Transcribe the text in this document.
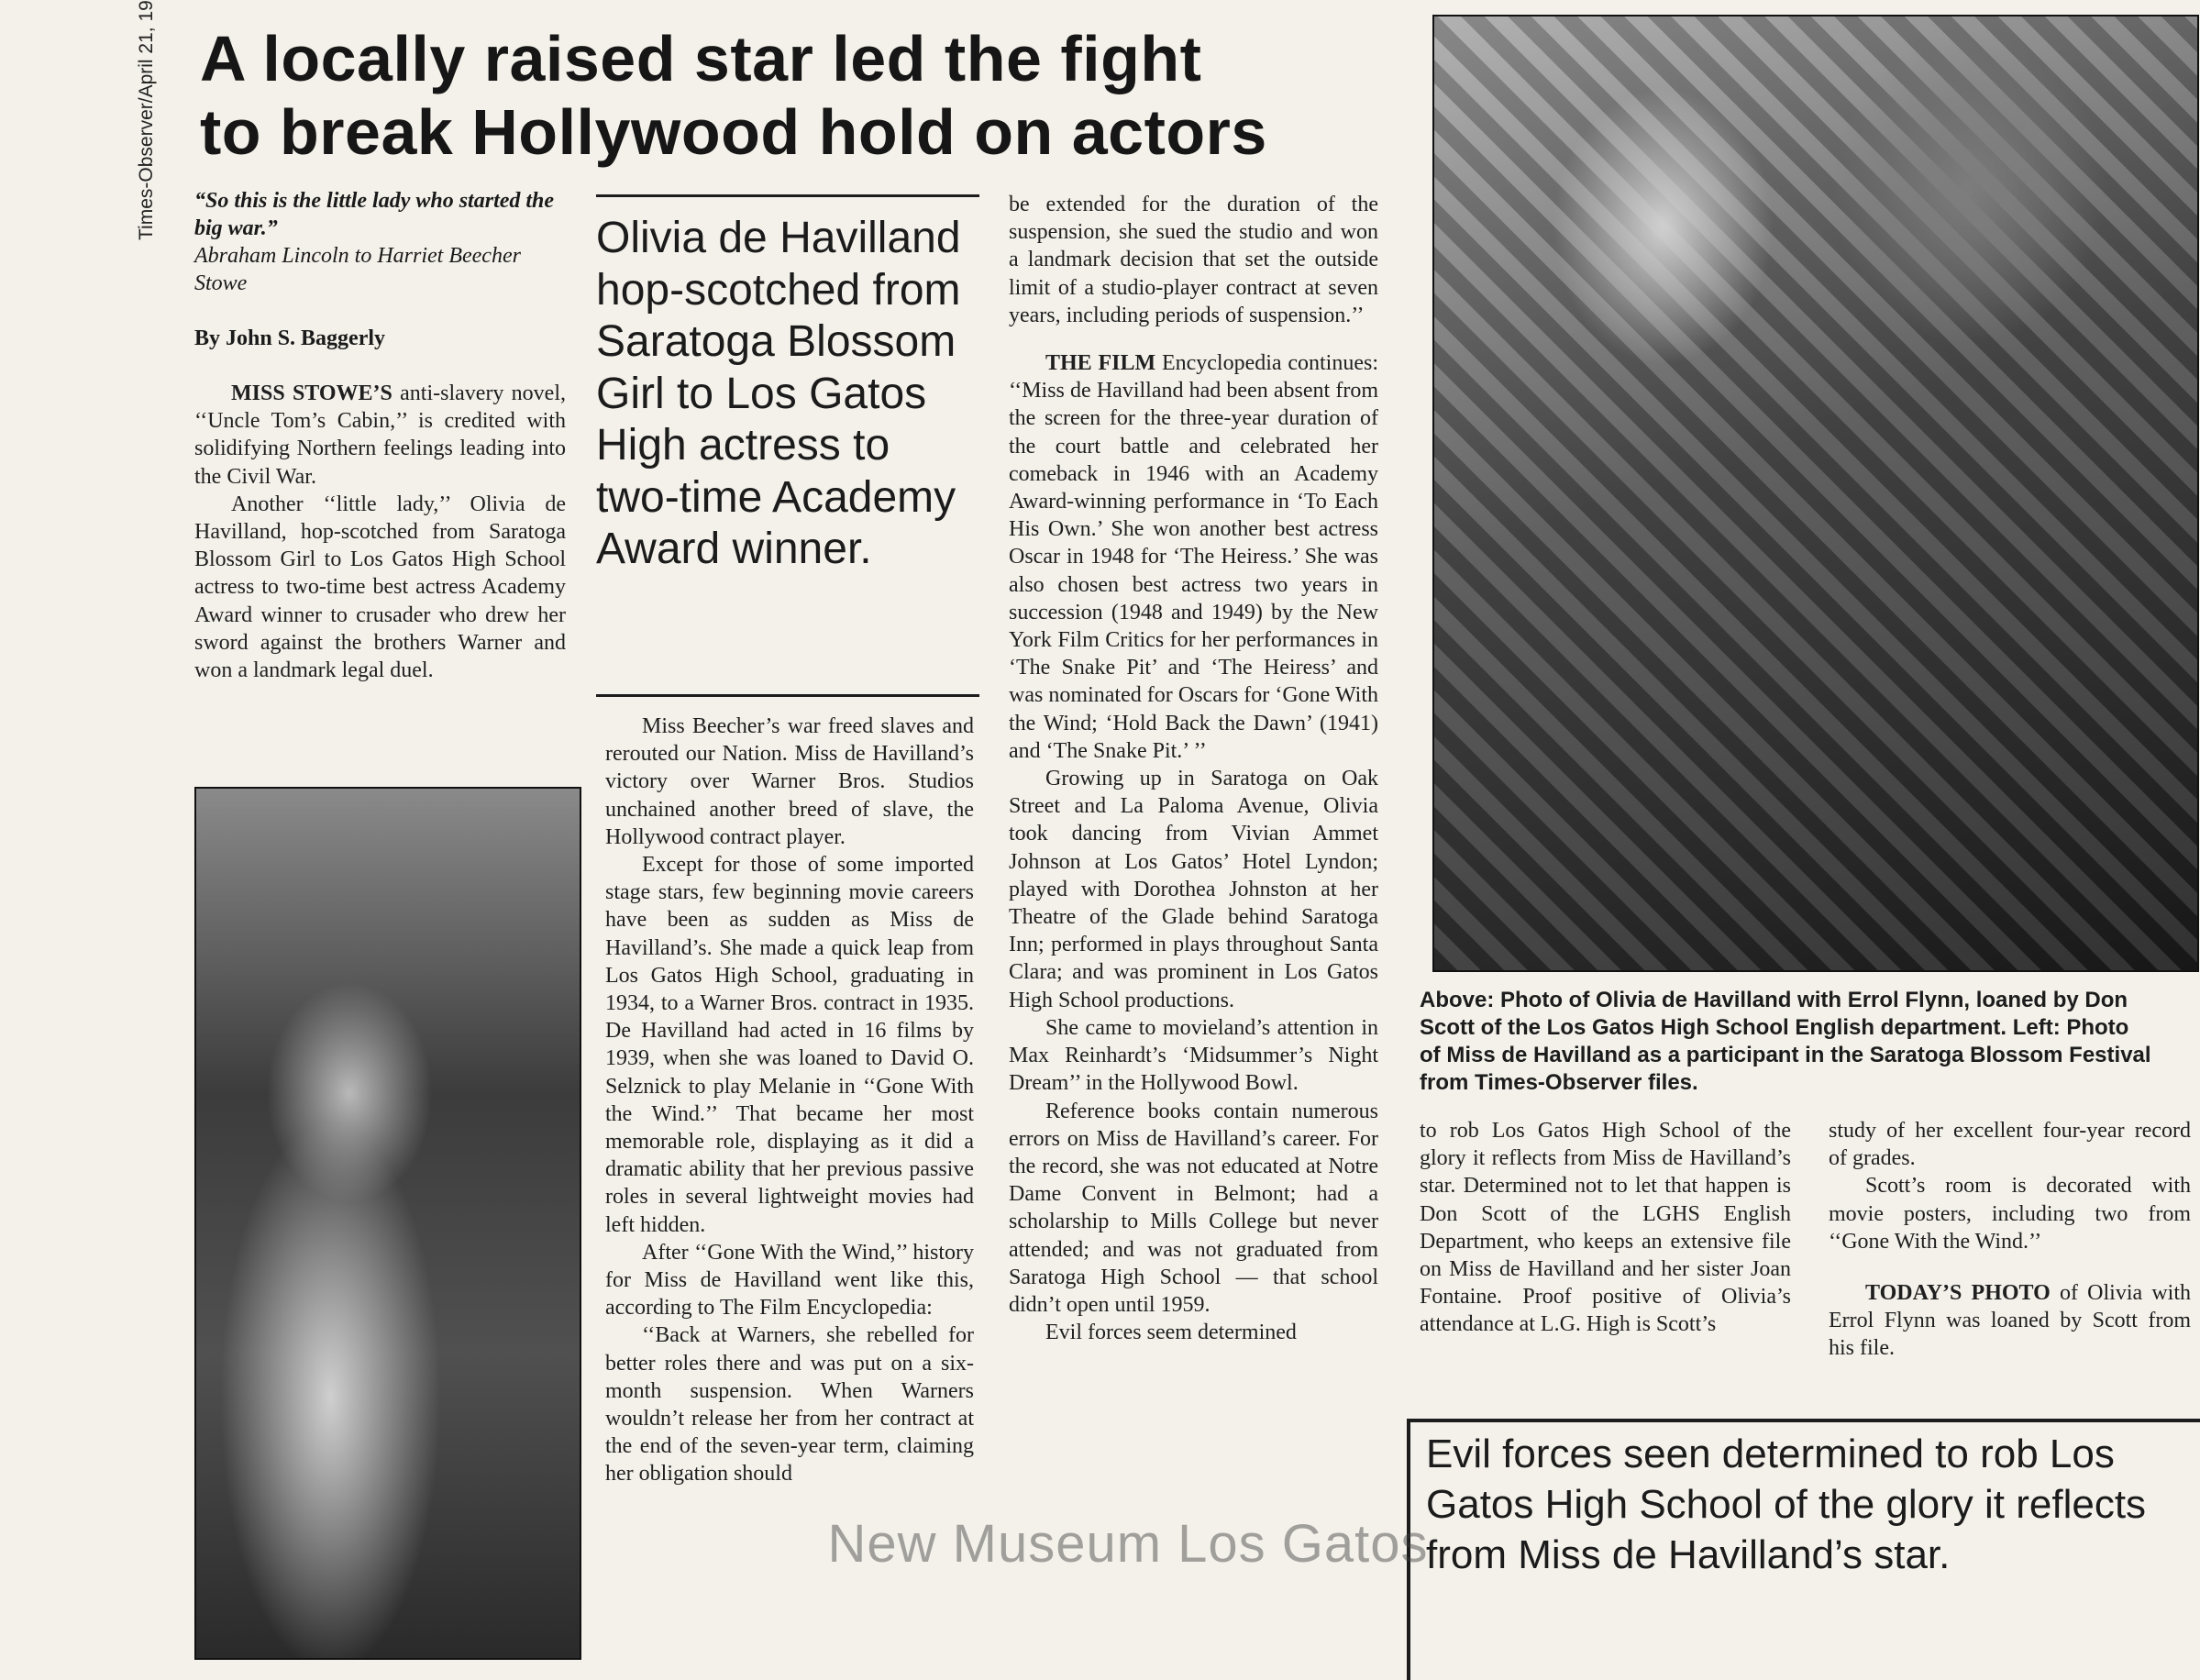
Times-Observer/April 21, 19 A locally raised star led the fight
to break Hollywood hold on actors
“So this is the little lady who started the big war.”
Abraham Lincoln to Harriet Beecher Stowe
By John S. Baggerly

MISS STOWE’S anti-slavery novel, ‘‘Uncle Tom’s Cabin,’’ is credited with solidifying Northern feelings leading into the Civil War.

Another ‘‘little lady,’’ Olivia de Havilland, hop-scotched from Saratoga Blossom Girl to Los Gatos High School actress to two-time best actress Academy Award winner to crusader who drew her sword against the brothers Warner and won a landmark legal duel.

Olivia de Havilland hop-scotched from Saratoga Blossom Girl to Los Gatos High actress to two-time Academy Award winner.

Miss Beecher’s war freed slaves and rerouted our Nation. Miss de Havilland’s victory over Warner Bros. Studios unchained another breed of slave, the Hollywood contract player.

Except for those of some imported stage stars, few beginning movie careers have been as sudden as Miss de Havilland’s. She made a quick leap from Los Gatos High School, graduating in 1934, to a Warner Bros. contract in 1935. De Havilland had acted in 16 films by 1939, when she was loaned to David O. Selznick to play Melanie in ‘‘Gone With the Wind.’’ That became her most memorable role, displaying as it did a dramatic ability that her previous passive roles in several lightweight movies had left hidden.

After ‘‘Gone With the Wind,’’ history for Miss de Havilland went like this, according to The Film Encyclopedia:

‘‘Back at Warners, she rebelled for better roles there and was put on a six-month suspension. When Warners wouldn’t release her from her contract at the end of the seven-year term, claiming her obligation should

be extended for the duration of the suspension, she sued the studio and won a landmark decision that set the outside limit of a studio-player contract at seven years, including periods of suspension.’’

THE FILM Encyclopedia continues: ‘‘Miss de Havilland had been absent from the screen for the three-year duration of the court battle and celebrated her comeback in 1946 with an Academy Award-winning performance in ‘To Each His Own.’ She won another best actress Oscar in 1948 for ‘The Heiress.’ She was also chosen best actress two years in succession (1948 and 1949) by the New York Film Critics for her performances in ‘The Snake Pit’ and ‘The Heiress’ and was nominated for Oscars for ‘Gone With the Wind; ‘Hold Back the Dawn’ (1941) and ‘The Snake Pit.’ ’’

Growing up in Saratoga on Oak Street and La Paloma Avenue, Olivia took dancing from Vivian Ammet Johnson at Los Gatos’ Hotel Lyndon; played with Dorothea Johnston at her Theatre of the Glade behind Saratoga Inn; performed in plays throughout Santa Clara; and was prominent in Los Gatos High School productions.

She came to movieland’s attention in Max Reinhardt’s ‘Midsummer’s Night Dream’’ in the Hollywood Bowl.

Reference books contain numerous errors on Miss de Havilland’s career. For the record, she was not educated at Notre Dame Convent in Belmont; had a scholarship to Mills College but never attended; and was not graduated from Saratoga High School — that school didn’t open until 1959.

Evil forces seem determined

Above: Photo of Olivia de Havilland with Errol Flynn, loaned by Don Scott of the Los Gatos High School English department. Left: Photo of Miss de Havilland as a participant in the Saratoga Blossom Festival from Times-Observer files.

to rob Los Gatos High School of the glory it reflects from Miss de Havilland’s star. Determined not to let that happen is Don Scott of the LGHS English Department, who keeps an extensive file on Miss de Havilland and her sister Joan Fontaine. Proof positive of Olivia’s attendance at L.G. High is Scott’s

study of her excellent four-year record of grades.

Scott’s room is decorated with movie posters, including two from ‘‘Gone With the Wind.’’

TODAY’S PHOTO of Olivia with Errol Flynn was loaned by Scott from his file.

Evil forces seen determined to rob Los Gatos High School of the glory it reflects from Miss de Havilland’s star.
New Museum Los Gatos
